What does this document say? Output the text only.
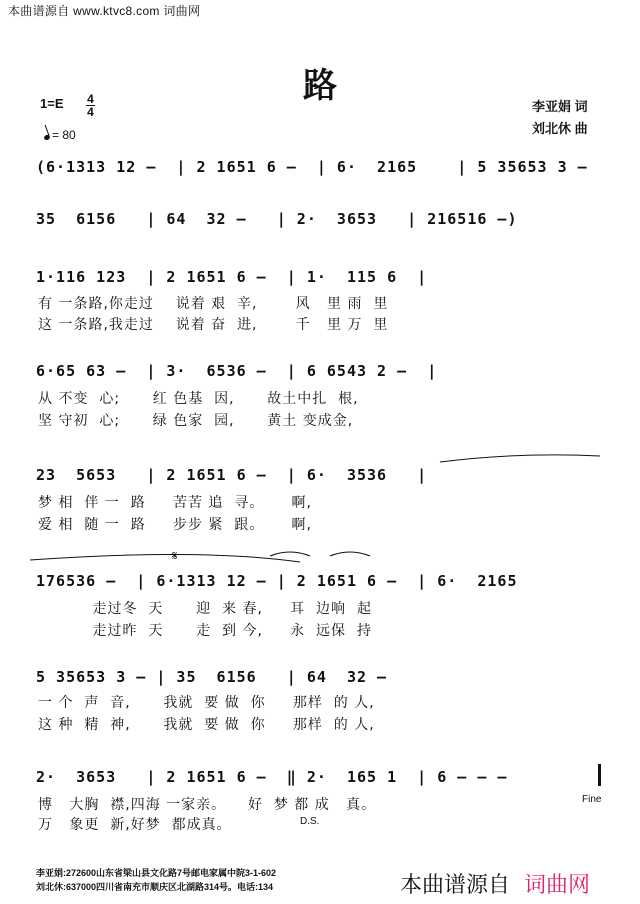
本曲谱源自 www.ktvc8.com 词曲网
路
1=E 4
4
= 80
李亚娟 词
刘北休 曲
(6·1313 12 –  | 2 1651 6 –  | 6·  2165    | 5 35653 3 –
35  6156   | 64  32 –   | 2·  3653   | 216516 –)
1·116 123  | 2 1651 6 –  | 1·  115 6  |
有 一条路,你走过    说着 艰  辛,       风   里 雨  里
这 一条路,我走过    说着 奋  进,       千   里 万  里
6·65 63 –  | 3·  6536 –  | 6 6543 2 –  |
从 不变  心;      红 色基  因,      故土中扎  根,
坚 守初  心;      绿 色家  园,      黄土 变成金,
23  5653   | 2 1651 6 –  | 6·  3536   |
梦 相  伴 一  路     苦苦 追  寻。     啊,
爱 相  随 一  路     步步 紧  跟。     啊,
𝄋
176536 –  | 6·1313 12 – | 2 1651 6 –  | 6·  2165
走过冬  天      迎  来 春,     耳  边响  起
走过昨  天      走  到 今,     永  远保  持
5 35653 3 – | 35  6156   | 64  32 –
一 个  声  音,      我就  要 做  你     那样  的 人,
这 种  精  神,      我就  要 做  你     那样  的 人,
2·  3653   | 2 1651 6 –  ‖ 2·  165 1  | 6 – – –
博   大胸  襟,四海 一家亲。    好  梦 都 成   真。
万   象更  新,好梦  都成真。
Fine
D.S.
李亚娟:272600山东省梁山县文化路7号邮电家属中院3-1-602
刘北休:637000四川省南充市顺庆区北湖路314号。电话:134	本曲谱源自 词曲网
